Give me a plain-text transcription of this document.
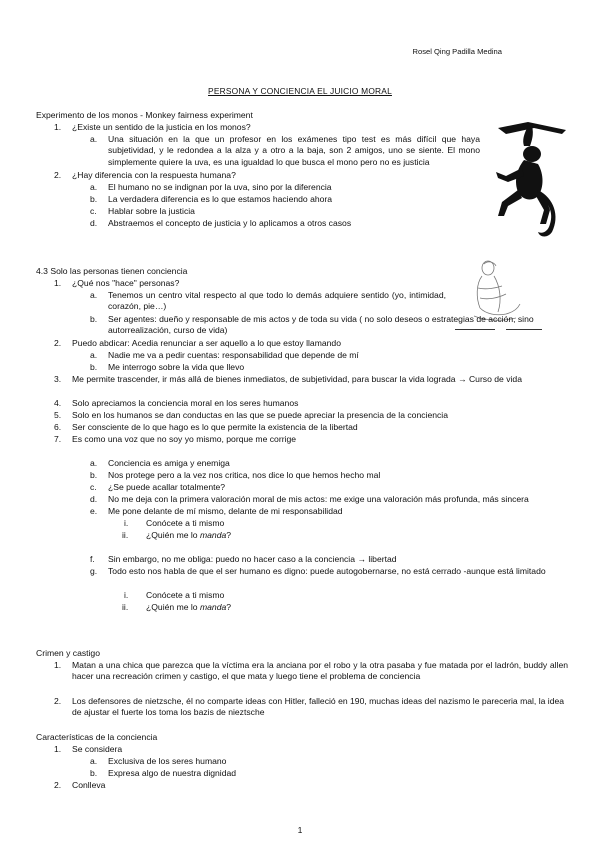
Rosel Qing Padilla Medina
PERSONA Y CONCIENCIA EL JUICIO MORAL
Experimento de los monos - Monkey fairness experiment
1. ¿Existe un sentido de la justicia en los monos?
a. Una situación en la que un profesor en los exámenes tipo test es más difícil que haya subjetividad, y le redondea a la alza y a otro a la baja, son 2 amigos, uno se siente. El mono simplemente quiere la uva, es una igualdad lo que busca el mono pero no es justicia
2. ¿Hay diferencia con la respuesta humana?
a. El humano no se indignan por la uva, sino por la diferencia
b. La verdadera diferencia es lo que estamos haciendo ahora
c. Hablar sobre la justicia
d. Abstraemos el concepto de justicia y lo aplicamos a otros casos
4.3 Solo las personas tienen conciencia
1. ¿Qué nos "hace" personas?
a. Tenemos un centro vital respecto al que todo lo demás adquiere sentido (yo, intimidad, corazón, pie…)
b. Ser agentes: dueño y responsable de mis actos y de toda su vida ( no solo deseos o estrategias de acción, sino autorrealización, curso de vida)
2. Puedo abdicar: Acedia renunciar a ser aquello a lo que estoy llamando
a. Nadie me va a pedir cuentas: responsabilidad que depende de mí
b. Me interrogo sobre la vida que llevo
3. Me permite trascender, ir más allá de bienes inmediatos, de subjetividad, para buscar la vida lograda → Curso de vida
4. Solo apreciamos la conciencia moral en los seres humanos
5. Solo en los humanos se dan conductas en las que se puede apreciar la presencia de la conciencia
6. Ser consciente de lo que hago es lo que permite la existencia de la libertad
7. Es como una voz que no soy yo mismo, porque me corrige
a. Conciencia es amiga y enemiga
b. Nos protege pero a la vez nos critica, nos dice lo que hemos hecho mal
c. ¿Se puede acallar totalmente?
d. No me deja con la primera valoración moral de mis actos: me exige una valoración más profunda, más sincera
e. Me pone delante de mí mismo, delante de mi responsabilidad
i. Conócete a ti mismo
ii. ¿Quién me lo manda?
f. Sin embargo, no me obliga: puedo no hacer caso a la conciencia → libertad
g. Todo esto nos habla de que el ser humano es digno: puede autogobernarse, no está cerrado -aunque está limitado
i. Conócete a ti mismo
ii. ¿Quién me lo manda?
Crimen y castigo
1. Matan a una chica que parezca que la víctima era la anciana por el robo y la otra pasaba y fue matada por el ladrón, buddy allen hacer una recreación crimen y castigo, el que mata y luego tiene el problema de conciencia
2. Los defensores de nietzsche, él no comparte ideas con Hitler, falleció en 190, muchas ideas del nazismo le pareceria mal, la idea de ajustar el fuerte los toma los bazis de nieztsche
Características de la conciencia
1. Se considera
a. Exclusiva de los seres humano
b. Expresa algo de nuestra dignidad
2. Conlleva
1
